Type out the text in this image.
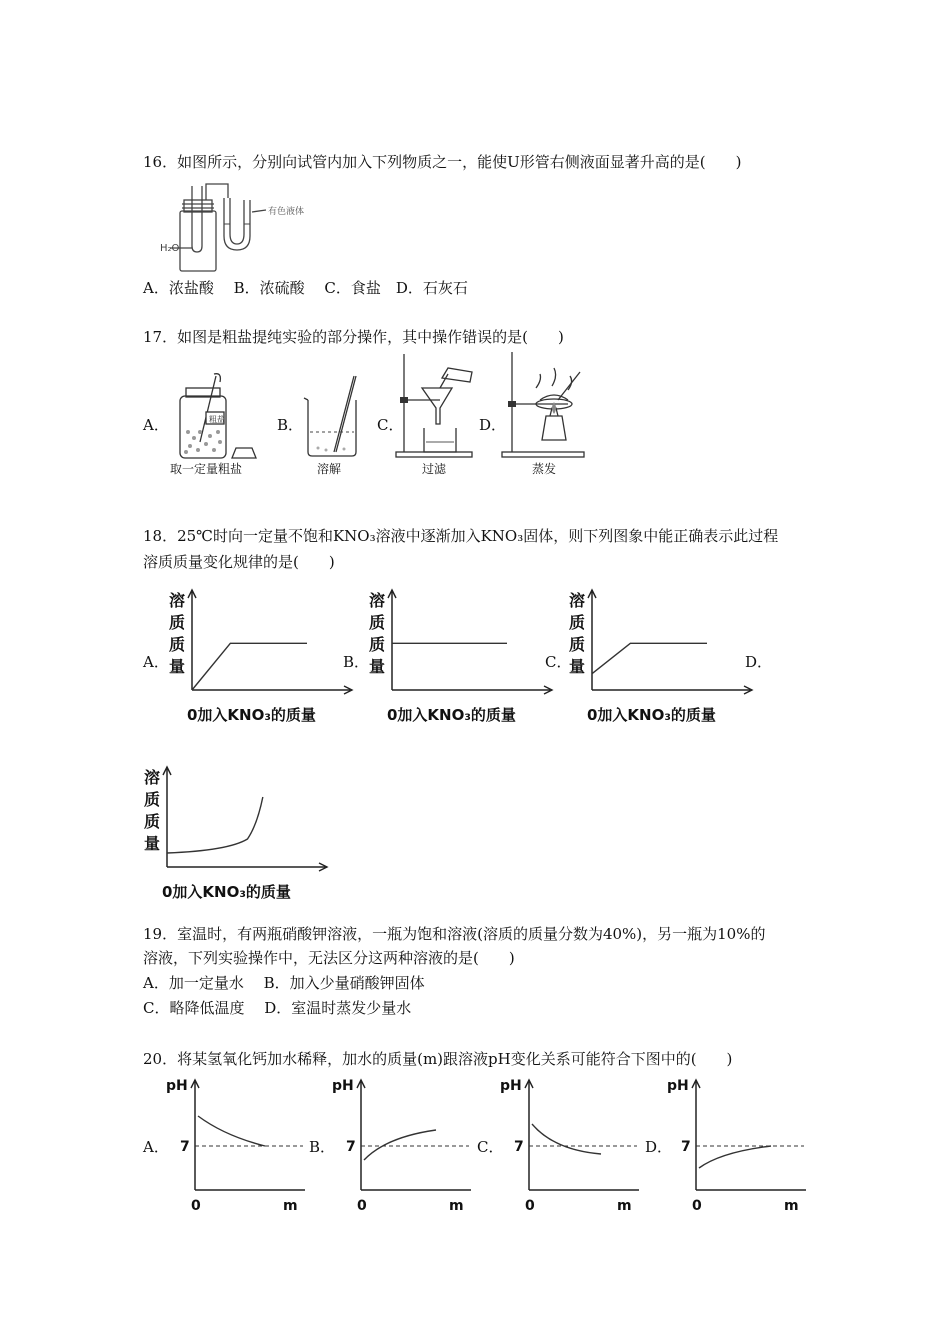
16．如图所示，分别向试管内加入下列物质之一，能使U形管右侧液面显著升高的是(　　)
H₂O
有色液体
A．浓盐酸　 B．浓硫酸　 C．食盐　D．石灰石
17．如图是粗盐提纯实验的部分操作，其中操作错误的是(　　)
A．	B．	C．	D．
粗盐
取一定量粗盐	溶解	过滤	蒸发
18．25℃时向一定量不饱和KNO₃溶液中逐渐加入KNO₃固体，则下列图象中能正确表示此过程
溶质质量变化规律的是(　　)
A．	B．	C．	D．
溶
质
质
量
0加入KNO₃的质量
溶
质
质
量
0加入KNO₃的质量
溶
质
质
量
0加入KNO₃的质量
溶
质
质
量
0加入KNO₃的质量
19．室温时，有两瓶硝酸钾溶液，一瓶为饱和溶液(溶质的质量分数为40%)，另一瓶为10%的
溶液，下列实验操作中，无法区分这两种溶液的是(　　)
A．加一定量水　 B．加入少量硝酸钾固体
C．略降低温度　 D．室温时蒸发少量水
20．将某氢氧化钙加水稀释，加水的质量(m)跟溶液pH变化关系可能符合下图中的(　　)
A．	B．	C．	D．
pH
7
0	m
pH
7
0	m
pH
7
0	m
pH
7
0	m
